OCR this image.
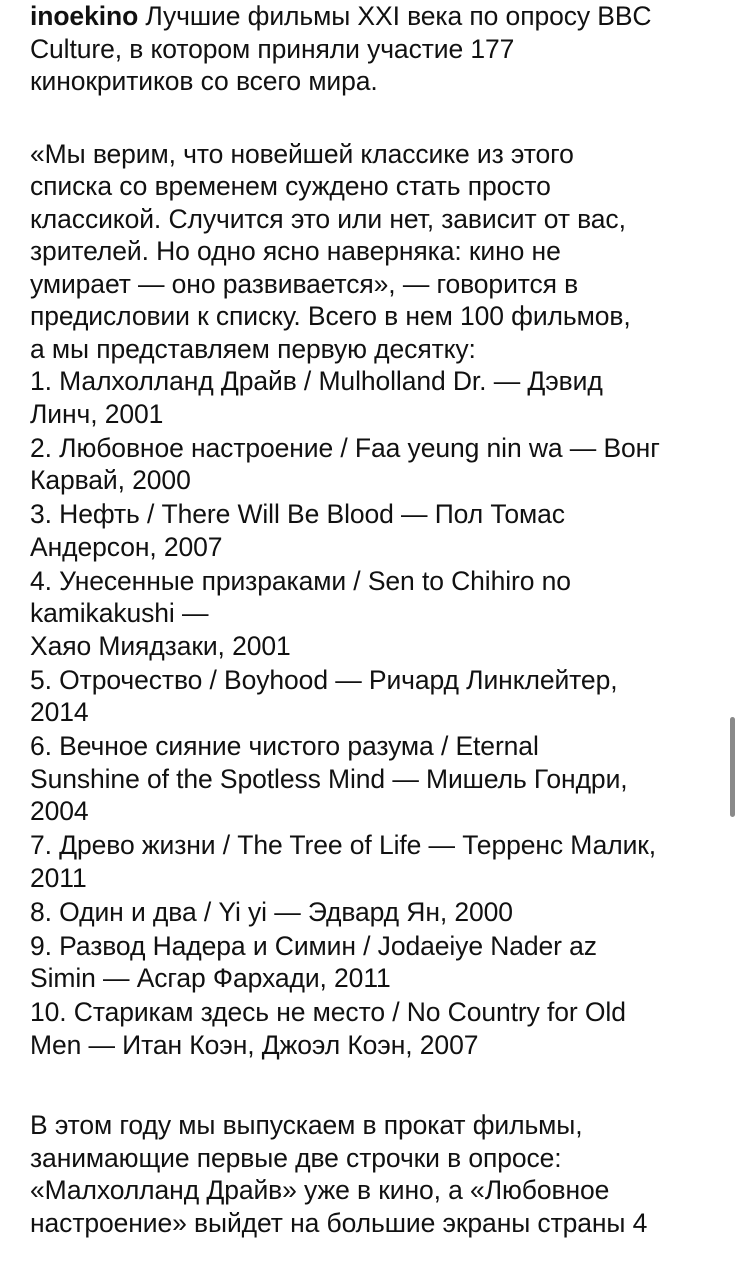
inoekino Лучшие фильмы XXI века по опросу BBC
Culture, в котором приняли участие 177
кинокритиков со всего мира.

«Мы верим, что новейшей классике из этого
списка со временем суждено стать просто
классикой. Случится это или нет, зависит от вас,
зрителей. Но одно ясно наверняка: кино не
умирает — оно развивается», — говорится в
предисловии к списку. Всего в нем 100 фильмов,
а мы представляем первую десятку:

1. Малхолланд Драйв / Mulholland Dr. — Дэвид
Линч, 2001
2. Любовное настроение / Faa yeung nin wa — Вонг
Карвай, 2000
3. Нефть / There Will Be Blood — Пол Томас
Андерсон, 2007
4. Унесенные призраками / Sen to Chihiro no
kamikakushi —
Хаяо Миядзаки, 2001
5. Отрочество / Boyhood — Ричард Линклейтер,
2014
6. Вечное сияние чистого разума / Eternal
Sunshine of the Spotless Mind — Мишель Гондри,
2004
7. Древо жизни / The Tree of Life — Терренс Малик,
2011
8. Один и два / Yi yi — Эдвард Ян, 2000
9. Развод Надера и Симин / Jodaeiye Nader az
Simin — Асгар Фархади, 2011
10. Старикам здесь не место / No Country for Old
Men — Итан Коэн, Джоэл Коэн, 2007

В этом году мы выпускаем в прокат фильмы,
занимающие первые две строчки в опросе:
«Малхолланд Драйв» уже в кино, а «Любовное
настроение» выйдет на большие экраны страны 4
